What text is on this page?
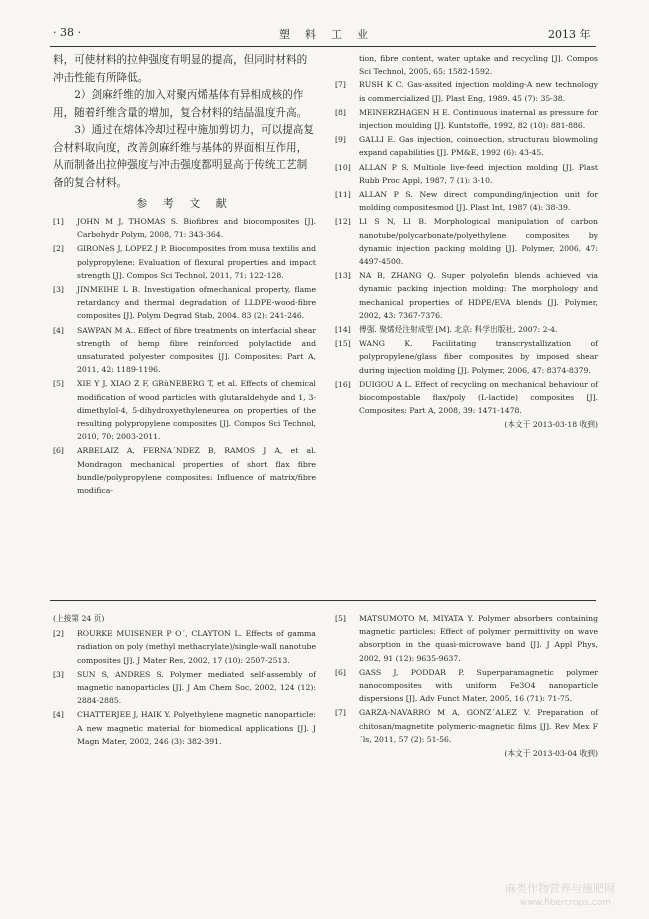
· 38 ·	塑　料　工　业	2013 年

料，可使材料的拉伸强度有明显的提高，但同时材料的冲击性能有所降低。

2）剑麻纤维的加入对聚丙烯基体有异相成核的作用，随着纤维含量的增加，复合材料的结晶温度升高。

3）通过在熔体冷却过程中施加剪切力，可以提高复合材料取向度，改善剑麻纤维与基体的界面相互作用，从而制备出拉伸强度与冲击强度都明显高于传统工艺制备的复合材料。

参 考 文 献
[1]	JOHN M J, THOMAS S. Biofibres and biocomposites [J]. Carbohydr Polym, 2008, 71: 343-364.
[2]	GIRONèS J, LOPEZ J P. Biocomposites from musa textilis and polypropylene: Evaluation of flexural properties and impact strength [J]. Compos Sci Technol, 2011, 71: 122-128.
[3]	JINMEIHE L B. Investigation ofmechanical property, flame retardancy and thermal degradation of LLDPE-wood-fibre composites [J]. Polym Degrad Stab, 2004. 83 (2): 241-246.
[4]	SAWPAN M A.. Effect of fibre treatments on interfacial shear strength of hemp fibre reinforced polylactide and unsaturated polyester composites [J]. Composites: Part A, 2011, 42: 1189-1196.
[5]	XIE Y J, XIAO Z F, GRüNEBERG T, et al. Effects of chemical modification of wood particles with glutaraldehyde and 1, 3-dimethylol-4, 5-dihydroxyethyleneurea on properties of the resulting polypropylene composites [J]. Compos Sci Technol, 2010, 70: 2003-2011.
[6]	ARBELAIZ A, FERNA´NDEZ B, RAMOS J A, et al. Mondragon mechanical properties of short flax fibre bundle/polypropylene composites: Influence of matrix/fibre modifica-
tion, fibre content, water uptake and recycling [J]. Compos Sci Technol, 2005, 65: 1582-1592.
[7]	RUSH K C. Gas-assited injection molding-A new technology is commercialized [J]. Plast Eng, 1989. 45 (7): 35-38.
[8]	MEINERZHAGEN H E. Continuous inaternal as pressure for injection moulding [J]. Kuntstoffe, 1992, 82 (10): 881-886.
[9]	GALLI E. Gas injection, coinuection, structurau blowmoling expand capabilities [J]. PM&E, 1992 (6): 43-45.
[10]	ALLAN P S. Multiole live-feed injection molding [J]. Plast Rubb Proc Appl, 1987, 7 (1): 3-10.
[11]	ALLAN P S. New direct compunding/injection unit for molding compositesmod [J]. Plast Int, 1987 (4): 38-39.
[12]	LI S N, LI B. Morphological manipulation of carbon nanotube/polycarbonate/polyethylene composites by dynamic injection packing molding [J]. Polymer, 2006, 47: 4497-4500.
[13]	NA B, ZHANG Q. Super polyolefin blends achieved via dynamic packing injection molding: The morphology and mechanical properties of HDPE/EVA blends [J]. Polymer, 2002, 43: 7367-7376.
[14]	傅强. 聚烯烃注射成型 [M]. 北京: 科学出版社, 2007: 2-4.
[15]	WANG K. Facilitating transcrystallization of polypropylene/glass fiber composites by imposed shear during injection molding [J]. Polymer, 2006, 47: 8374-8379.
[16]	DUIGOU A L. Effect of recycling on mechanical behaviour of biocompostable flax/poly (L-lactide) composites [J]. Composites: Part A, 2008, 39: 1471-1478.
(本文于 2013-03-18 收到)
(上接第 24 页)
[2]	ROURKE MUISENER P O´, CLAYTON L. Effects of gamma radiation on poly (methyl methacrylate)/single-wall nanotube composites [J]. J Mater Res, 2002, 17 (10): 2507-2513.
[3]	SUN S, ANDRES S. Polymer mediated self-assembly of magnetic nanoparticles [J]. J Am Chem Soc, 2002, 124 (12): 2884-2885.
[4]	CHATTERJEE J, HAIK Y. Polyethylene magnetic nanoparticle: A new magnetic material for biomedical applications [J]. J Magn Mater, 2002, 246 (3): 382-391.
[5]	MATSUMOTO M, MIYATA Y. Polymer absorbers containing magnetic particles: Effect of polymer permittivity on wave absorption in the quasi-microwave band [J]. J Appl Phys, 2002, 91 (12): 9635-9637.
[6]	GASS J, PODDAR P. Superparamagnetic polymer nanocomposites with uniform Fe3O4 nanoparticle dispersions [J]. Adv Funct Mater, 2005, 16 (71): 71-75.
[7]	GARZA-NAVARRO M A, GONZ´ALEZ V. Preparation of chitosan/magnetite polymeric-magnetic films [J]. Rev Mex F´ls, 2011, 57 (2): 51-56.
(本文于 2013-03-04 收到)
麻类作物营养与施肥网
www.fibercrops.com
